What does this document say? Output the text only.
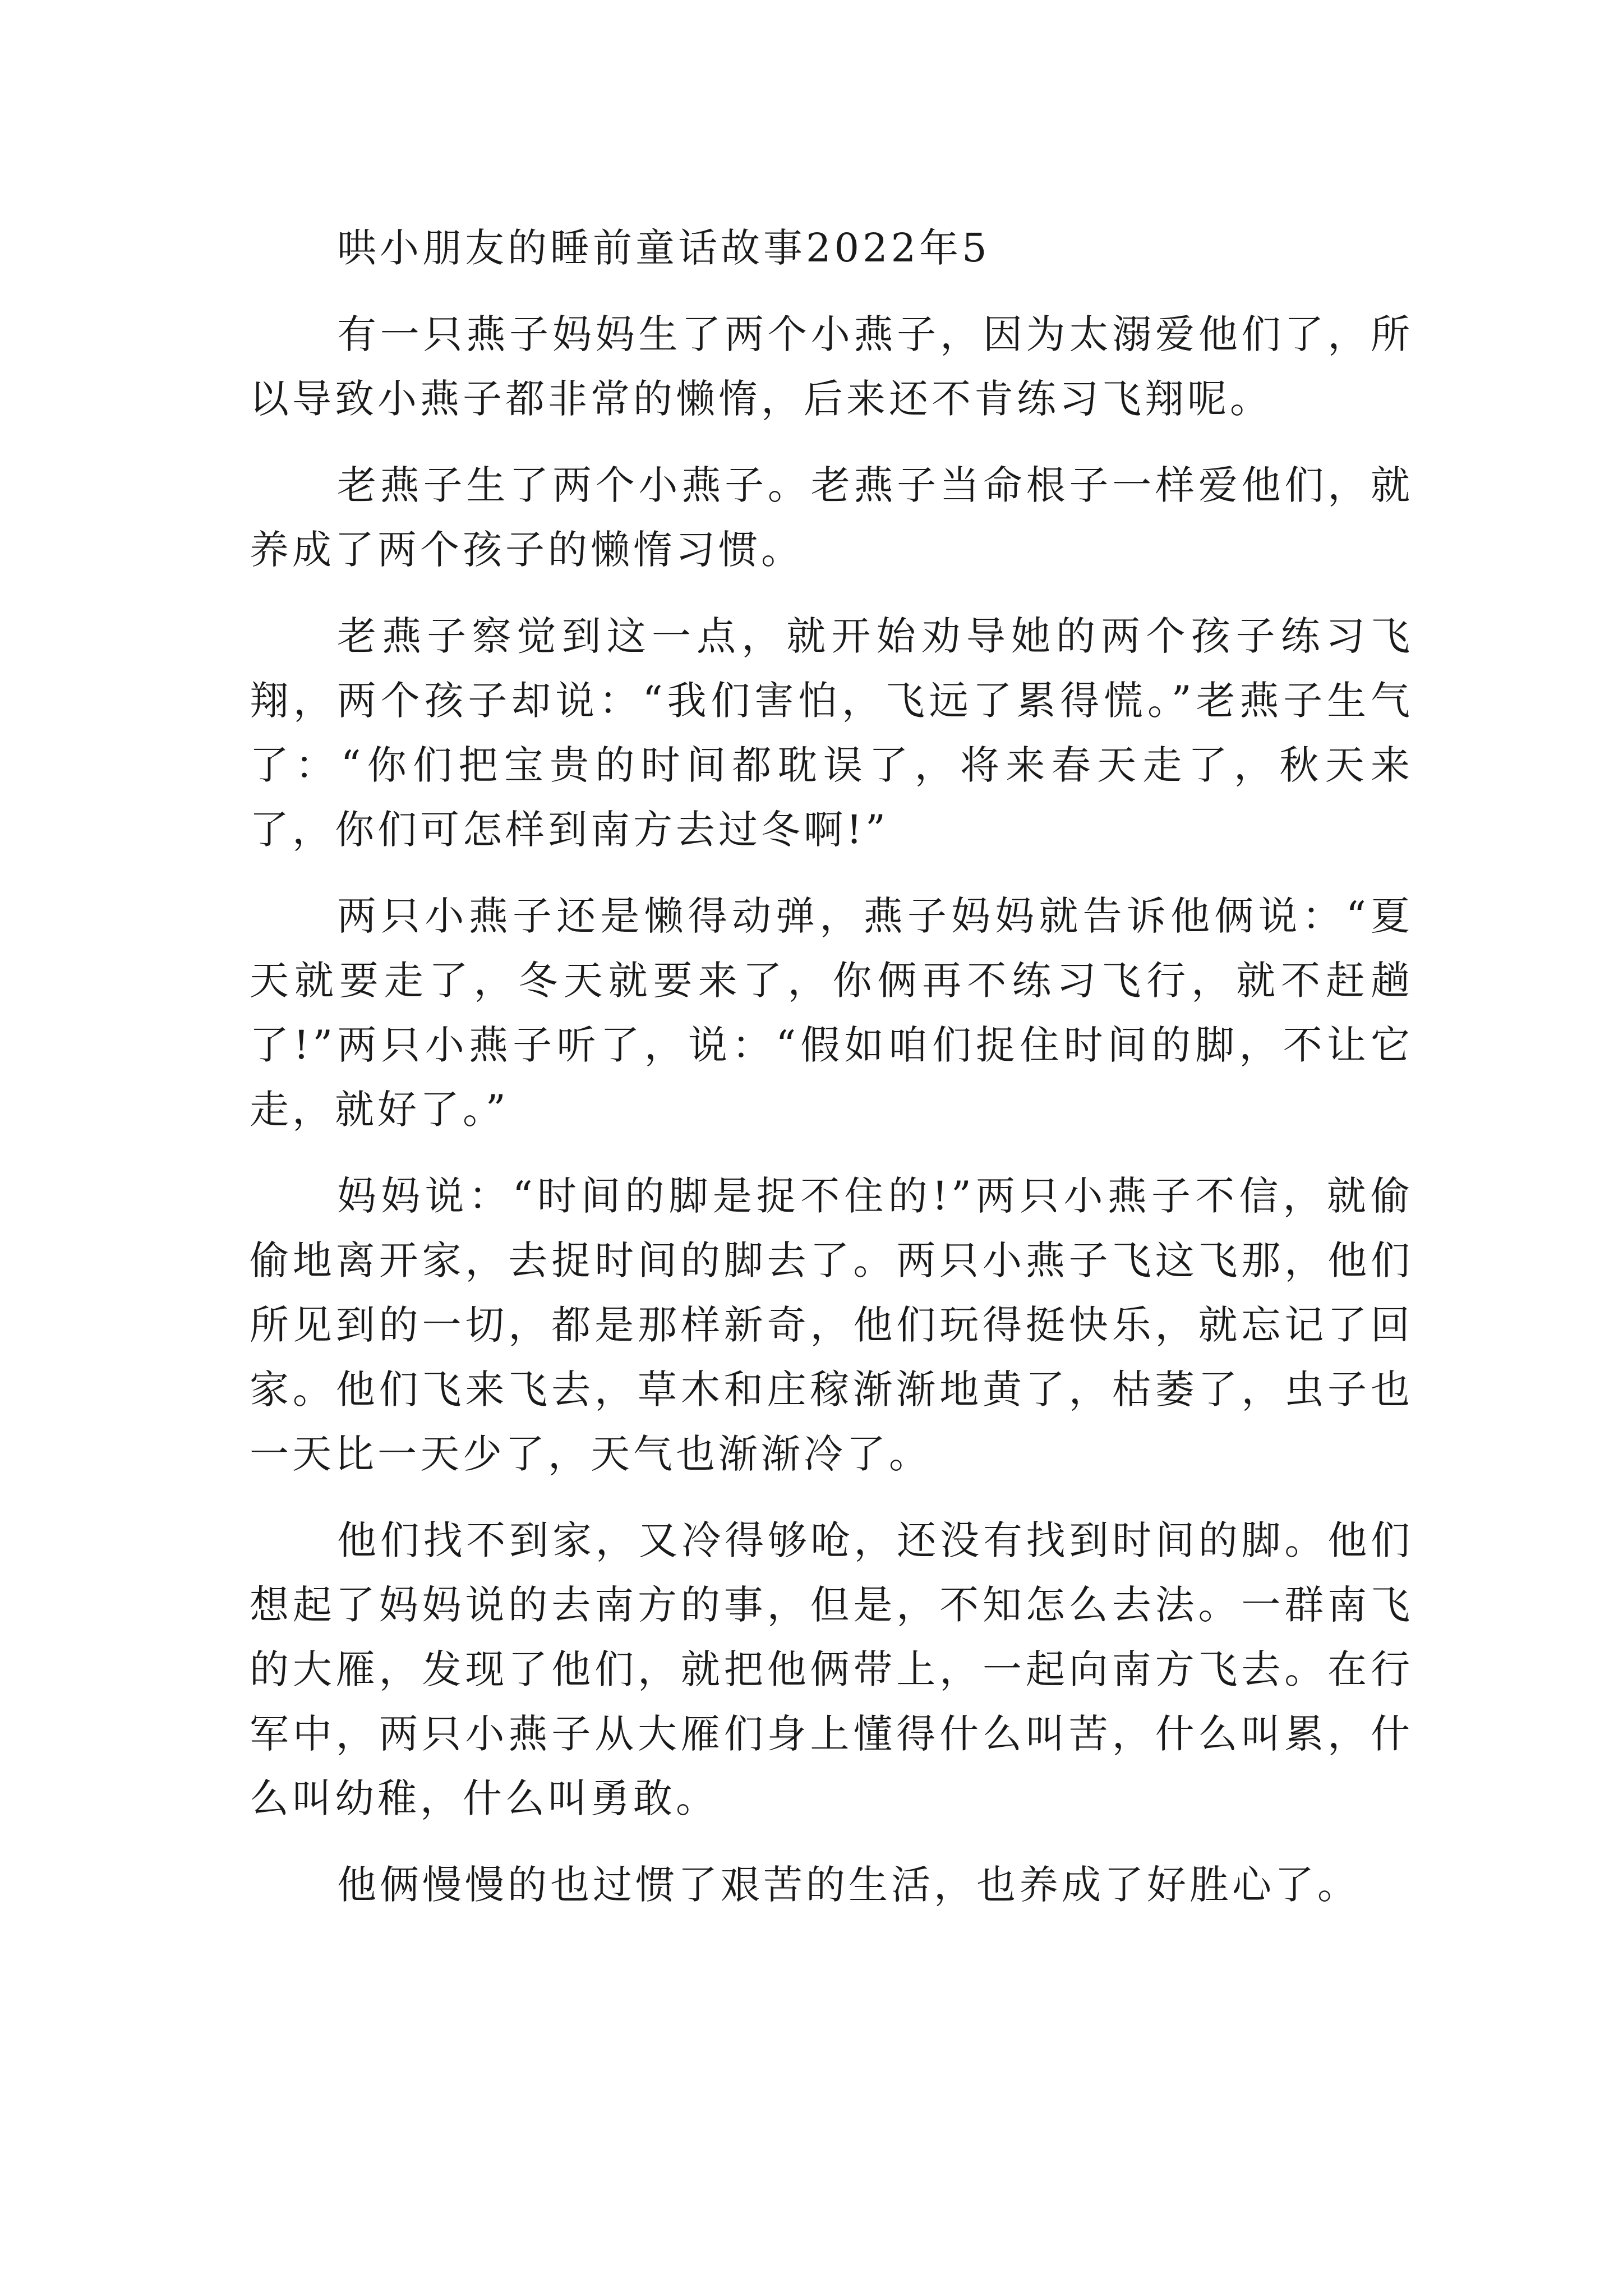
哄小朋友的睡前童话故事2022年5

有一只燕子妈妈生了两个小燕子，因为太溺爱他们了，所以导致小燕子都非常的懒惰，后来还不肯练习飞翔呢。

老燕子生了两个小燕子。老燕子当命根子一样爱他们，就养成了两个孩子的懒惰习惯。

老燕子察觉到这一点，就开始劝导她的两个孩子练习飞翔，两个孩子却说：“我们害怕，飞远了累得慌。”老燕子生气了：“你们把宝贵的时间都耽误了，将来春天走了，秋天来了，你们可怎样到南方去过冬啊!”

两只小燕子还是懒得动弹，燕子妈妈就告诉他俩说：“夏天就要走了，冬天就要来了，你俩再不练习飞行，就不赶趟了!”两只小燕子听了，说：“假如咱们捉住时间的脚，不让它走，就好了。”

妈妈说：“时间的脚是捉不住的!”两只小燕子不信，就偷偷地离开家，去捉时间的脚去了。两只小燕子飞这飞那，他们所见到的一切，都是那样新奇，他们玩得挺快乐，就忘记了回家。他们飞来飞去，草木和庄稼渐渐地黄了，枯萎了，虫子也一天比一天少了，天气也渐渐冷了。

他们找不到家，又冷得够呛，还没有找到时间的脚。他们想起了妈妈说的去南方的事，但是，不知怎么去法。一群南飞的大雁，发现了他们，就把他俩带上，一起向南方飞去。在行军中，两只小燕子从大雁们身上懂得什么叫苦，什么叫累，什么叫幼稚，什么叫勇敢。

他俩慢慢的也过惯了艰苦的生活，也养成了好胜心了。
